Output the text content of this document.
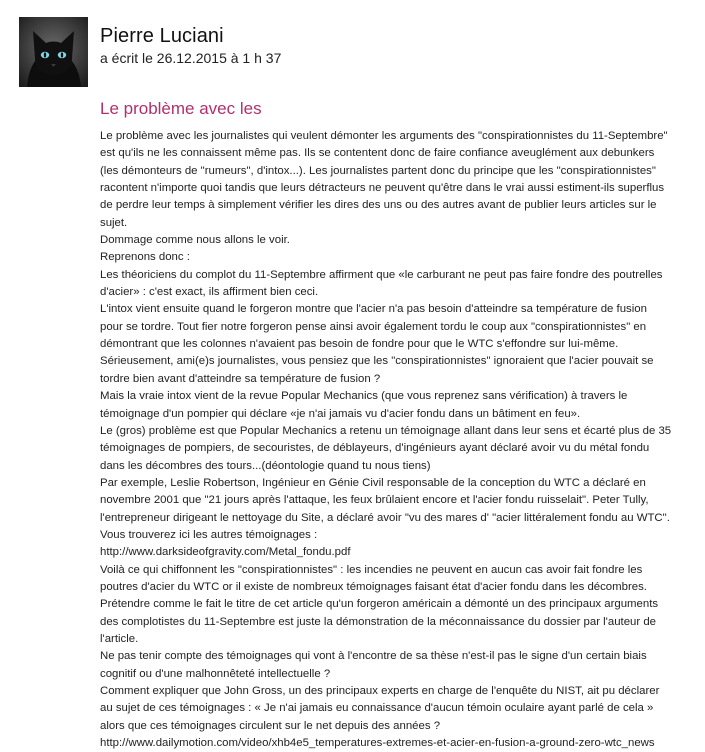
Pierre Luciani
a écrit le 26.12.2015 à 1 h 37
Le problème avec les
Le problème avec les journalistes qui veulent démonter les arguments des "conspirationnistes du 11-Septembre"
est qu'ils ne les connaissent même pas. Ils se contentent donc de faire confiance aveuglément aux debunkers
(les démonteurs de "rumeurs", d'intox...). Les journalistes partent donc du principe que les "conspirationnistes"
racontent n'importe quoi tandis que leurs détracteurs ne peuvent qu'être dans le vrai aussi estiment-ils superflus
de perdre leur temps à simplement vérifier les dires des uns ou des autres avant de publier leurs articles sur le
sujet.
Dommage comme nous allons le voir.
Reprenons donc :
Les théoriciens du complot du 11-Septembre affirment que «le carburant ne peut pas faire fondre des poutrelles
d'acier» : c'est exact, ils affirment bien ceci.
L'intox vient ensuite quand le forgeron montre que l'acier n'a pas besoin d'atteindre sa température de fusion
pour se tordre. Tout fier notre forgeron pense ainsi avoir également tordu le coup aux "conspirationnistes" en
démontrant que les colonnes n'avaient pas besoin de fondre pour que le WTC s'effondre sur lui-même.
Sérieusement, ami(e)s journalistes, vous pensiez que les "conspirationnistes" ignoraient que l'acier pouvait se
tordre bien avant d'atteindre sa température de fusion ?
Mais la vraie intox vient de la revue Popular Mechanics (que vous reprenez sans vérification) à travers le
témoignage d'un pompier qui déclare «je n'ai jamais vu d'acier fondu dans un bâtiment en feu».
Le (gros) problème est que Popular Mechanics a retenu un témoignage allant dans leur sens et écarté plus de 35
témoignages de pompiers, de secouristes, de déblayeurs, d'ingénieurs ayant déclaré avoir vu du métal fondu
dans les décombres des tours...(déontologie quand tu nous tiens)
Par exemple, Leslie Robertson, Ingénieur en Génie Civil responsable de la conception du WTC a déclaré en
novembre 2001 que "21 jours après l'attaque, les feux brûlaient encore et l'acier fondu ruisselait". Peter Tully,
l'entrepreneur dirigeant le nettoyage du Site, a déclaré avoir "vu des mares d' "acier littéralement fondu au WTC".
Vous trouverez ici les autres témoignages :
http://www.darksideofgravity.com/Metal_fondu.pdf
Voilà ce qui chiffonnent les "conspirationnistes" : les incendies ne peuvent en aucun cas avoir fait fondre les
poutres d'acier du WTC or il existe de nombreux témoignages faisant état d'acier fondu dans les décombres.
Prétendre comme le fait le titre de cet article qu'un forgeron américain a démonté un des principaux arguments
des complotistes du 11-Septembre est juste la démonstration de la méconnaissance du dossier par l'auteur de
l'article.
Ne pas tenir compte des témoignages qui vont à l'encontre de sa thèse n'est-il pas le signe d'un certain biais
cognitif ou d'une malhonnêteté intellectuelle ?
Comment expliquer que John Gross, un des principaux experts en charge de l'enquête du NIST, ait pu déclarer
au sujet de ces témoignages : « Je n'ai jamais eu connaissance d'aucun témoin oculaire ayant parlé de cela »
alors que ces témoignages circulent sur le net depuis des années ?
http://www.dailymotion.com/video/xhb4e5_temperatures-extremes-et-acier-en-fusion-a-ground-zero-wtc_news
